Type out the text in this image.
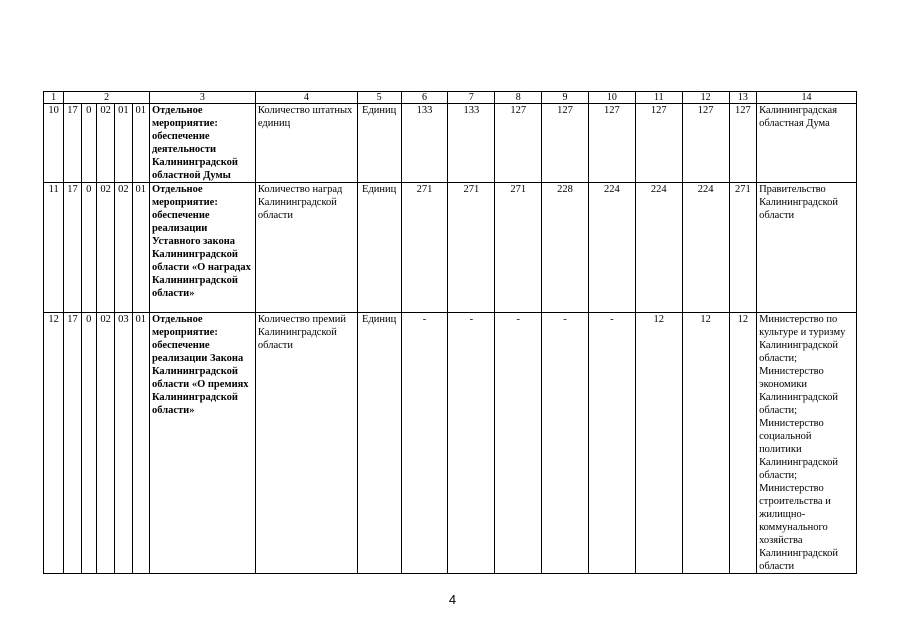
1	2					3	4	5	6	7	8	9	10	11	12	13	14
10	17	0	02	01	01	Отдельное мероприятие: обеспечение деятельности Калининградской областной Думы	Количество штатных единиц	Единиц	133	133	127	127	127	127	127	127	Калининградская областная Дума
11	17	0	02	02	01	Отдельное мероприятие: обеспечение реализации Уставного закона Калининградской области «О наградах Калининградской области»	Количество наград Калининградской области	Единиц	271	271	271	228	224	224	224	271	Правительство Калининградской области
12	17	0	02	03	01	Отдельное мероприятие: обеспечение реализации Закона Калининградской области «О премиях Калининградской области»	Количество премий Калининградской области	Единиц	-	-	-	-	-	12	12	12	Министерство по культуре и туризму Калининградской области; Министерство экономики Калининградской области; Министерство социальной политики Калининградской области; Министерство строительства и жилищно-коммунального хозяйства Калининградской области
4
